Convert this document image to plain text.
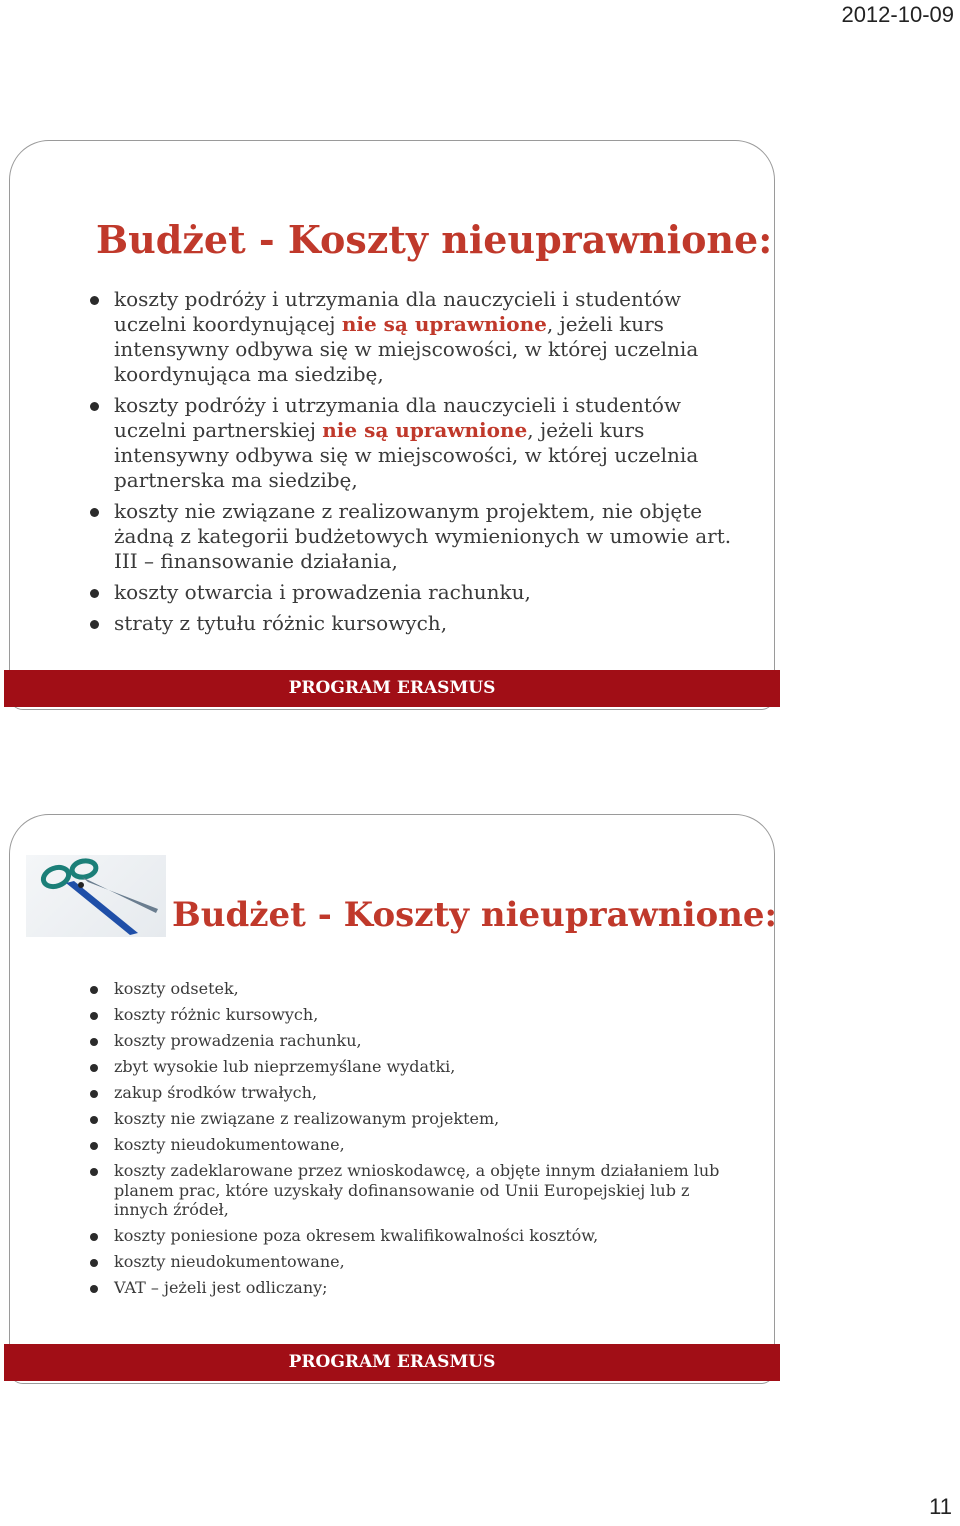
2012-10-09
Budżet - Koszty nieuprawnione:
koszty podróży i utrzymania dla nauczycieli i studentów uczelni koordynującej nie są uprawnione, jeżeli kurs intensywny odbywa się w miejscowości, w której uczelnia koordynująca ma siedzibę,
koszty podróży i utrzymania dla nauczycieli i studentów uczelni partnerskiej nie są uprawnione, jeżeli kurs intensywny odbywa się w miejscowości, w której uczelnia partnerska ma siedzibę,
koszty nie związane z realizowanym projektem, nie objęte żadną z kategorii budżetowych wymienionych w umowie art. III – finansowanie działania,
koszty otwarcia i prowadzenia rachunku,
straty z tytułu różnic kursowych,
PROGRAM ERASMUS
Budżet - Koszty nieuprawnione:
koszty odsetek,
koszty różnic kursowych,
koszty prowadzenia rachunku,
zbyt wysokie lub nieprzemyślane wydatki,
zakup środków trwałych,
koszty nie związane z realizowanym projektem,
koszty nieudokumentowane,
koszty zadeklarowane przez wnioskodawcę, a objęte innym działaniem lub planem prac, które uzyskały dofinansowanie od Unii Europejskiej lub z innych źródeł,
koszty poniesione poza okresem kwalifikowalności kosztów,
koszty nieudokumentowane,
VAT – jeżeli jest odliczany;
PROGRAM ERASMUS
11
